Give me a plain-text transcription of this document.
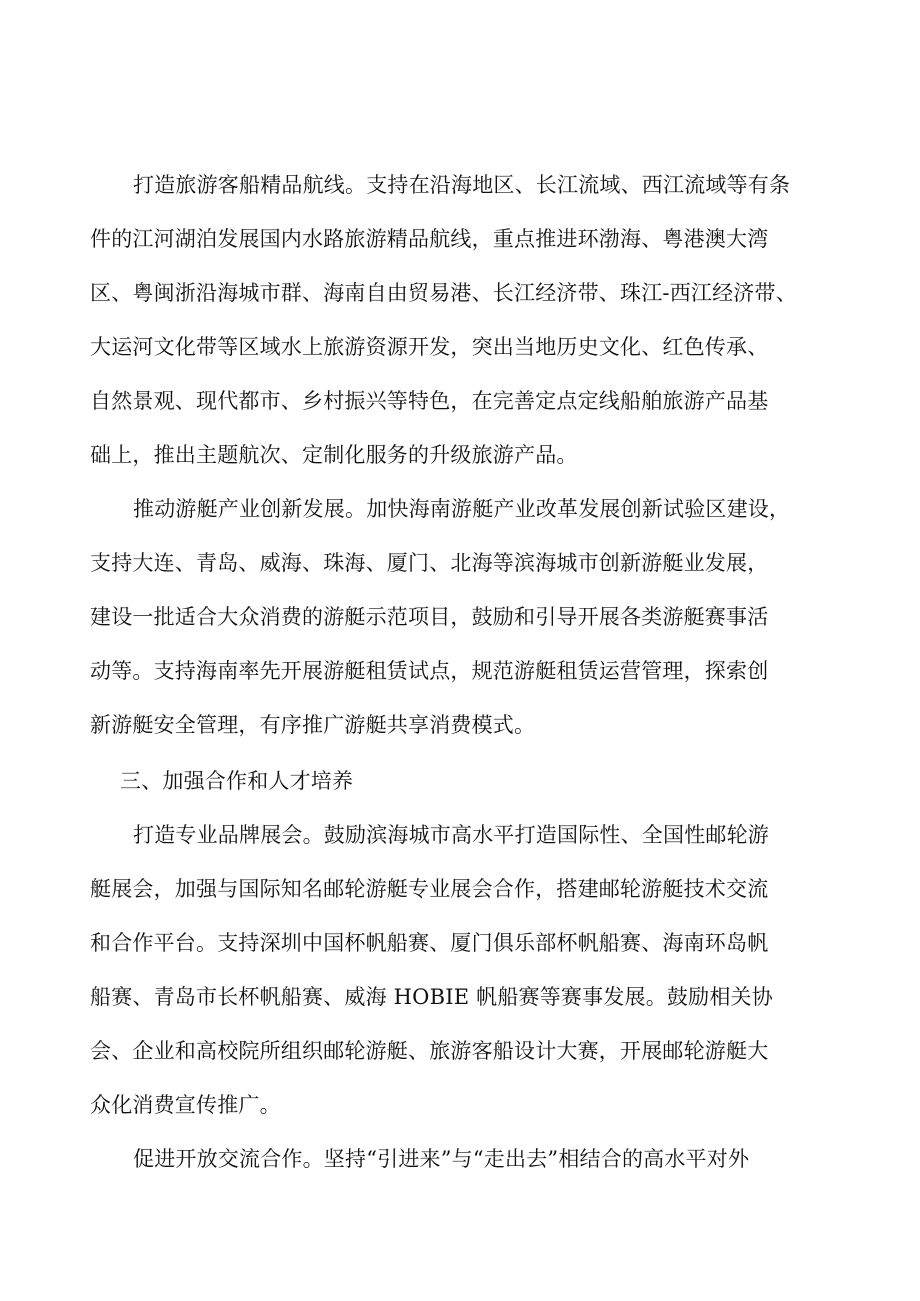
打造旅游客船精品航线。支持在沿海地区、长江流域、西江流域等有条
件的江河湖泊发展国内水路旅游精品航线，重点推进环渤海、粤港澳大湾
区、粤闽浙沿海城市群、海南自由贸易港、长江经济带、珠江-西江经济带、
大运河文化带等区域水上旅游资源开发，突出当地历史文化、红色传承、
自然景观、现代都市、乡村振兴等特色，在完善定点定线船舶旅游产品基
础上，推出主题航次、定制化服务的升级旅游产品。
推动游艇产业创新发展。加快海南游艇产业改革发展创新试验区建设，
支持大连、青岛、威海、珠海、厦门、北海等滨海城市创新游艇业发展，
建设一批适合大众消费的游艇示范项目，鼓励和引导开展各类游艇赛事活
动等。支持海南率先开展游艇租赁试点，规范游艇租赁运营管理，探索创
新游艇安全管理，有序推广游艇共享消费模式。
三、加强合作和人才培养
打造专业品牌展会。鼓励滨海城市高水平打造国际性、全国性邮轮游
艇展会，加强与国际知名邮轮游艇专业展会合作，搭建邮轮游艇技术交流
和合作平台。支持深圳中国杯帆船赛、厦门俱乐部杯帆船赛、海南环岛帆
船赛、青岛市长杯帆船赛、威海 HOBIE 帆船赛等赛事发展。鼓励相关协
会、企业和高校院所组织邮轮游艇、旅游客船设计大赛，开展邮轮游艇大
众化消费宣传推广。
促进开放交流合作。坚持“引进来”与“走出去”相结合的高水平对外
